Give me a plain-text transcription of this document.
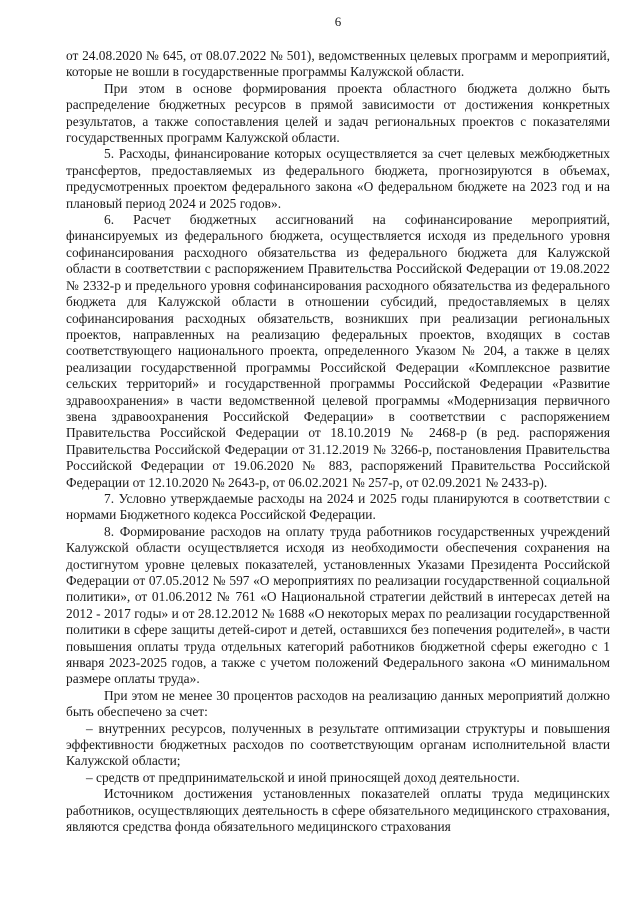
6

от 24.08.2020 № 645, от 08.07.2022 № 501), ведомственных целевых программ и мероприятий, которые не вошли в государственные программы Калужской области.

При этом в основе формирования проекта областного бюджета должно быть распределение бюджетных ресурсов в прямой зависимости от достижения конкретных результатов, а также сопоставления целей и задач региональных проектов с показателями государственных программ Калужской области.

5. Расходы, финансирование которых осуществляется за счет целевых межбюджетных трансфертов, предоставляемых из федерального бюджета, прогнозируются в объемах, предусмотренных проектом федерального закона «О федеральном бюджете на 2023 год и на плановый период 2024 и 2025 годов».

6. Расчет бюджетных ассигнований на софинансирование мероприятий, финансируемых из федерального бюджета, осуществляется исходя из предельного уровня софинансирования расходного обязательства из федерального бюджета для Калужской области в соответствии с распоряжением Правительства Российской Федерации от 19.08.2022 № 2332-р и предельного уровня софинансирования расходного обязательства из федерального бюджета для Калужской области в отношении субсидий, предоставляемых в целях софинансирования расходных обязательств, возникших при реализации региональных проектов, направленных на реализацию федеральных проектов, входящих в состав соответствующего национального проекта, определенного Указом № 204, а также в целях реализации государственной программы Российской Федерации «Комплексное развитие сельских территорий» и государственной программы Российской Федерации «Развитие здравоохранения» в части ведомственной целевой программы «Модернизация первичного звена здравоохранения Российской Федерации» в соответствии с распоряжением Правительства Российской Федерации от 18.10.2019 № 2468-р (в ред. распоряжения Правительства Российской Федерации от 31.12.2019 № 3266-р, постановления Правительства Российской Федерации от 19.06.2020 № 883, распоряжений Правительства Российской Федерации от 12.10.2020 № 2643-р, от 06.02.2021 № 257-р, от 02.09.2021 № 2433-р).

7. Условно утверждаемые расходы на 2024 и 2025 годы планируются в соответствии с нормами Бюджетного кодекса Российской Федерации.

8. Формирование расходов на оплату труда работников государственных учреждений Калужской области осуществляется исходя из необходимости обеспечения сохранения на достигнутом уровне целевых показателей, установленных Указами Президента Российской Федерации от 07.05.2012 № 597 «О мероприятиях по реализации государственной социальной политики», от 01.06.2012 № 761 «О Национальной стратегии действий в интересах детей на 2012 - 2017 годы» и от 28.12.2012 № 1688 «О некоторых мерах по реализации государственной политики в сфере защиты детей-сирот и детей, оставшихся без попечения родителей», в части повышения оплаты труда отдельных категорий работников бюджетной сферы ежегодно с 1 января 2023-2025 годов, а также с учетом положений Федерального закона «О минимальном размере оплаты труда».

При этом не менее 30 процентов расходов на реализацию данных мероприятий должно быть обеспечено за счет:

– внутренних ресурсов, полученных в результате оптимизации структуры и повышения эффективности бюджетных расходов по соответствующим органам исполнительной власти Калужской области;

– средств от предпринимательской и иной приносящей доход деятельности.

Источником достижения установленных показателей оплаты труда медицинских работников, осуществляющих деятельность в сфере обязательного медицинского страхования, являются средства фонда обязательного медицинского страхования
